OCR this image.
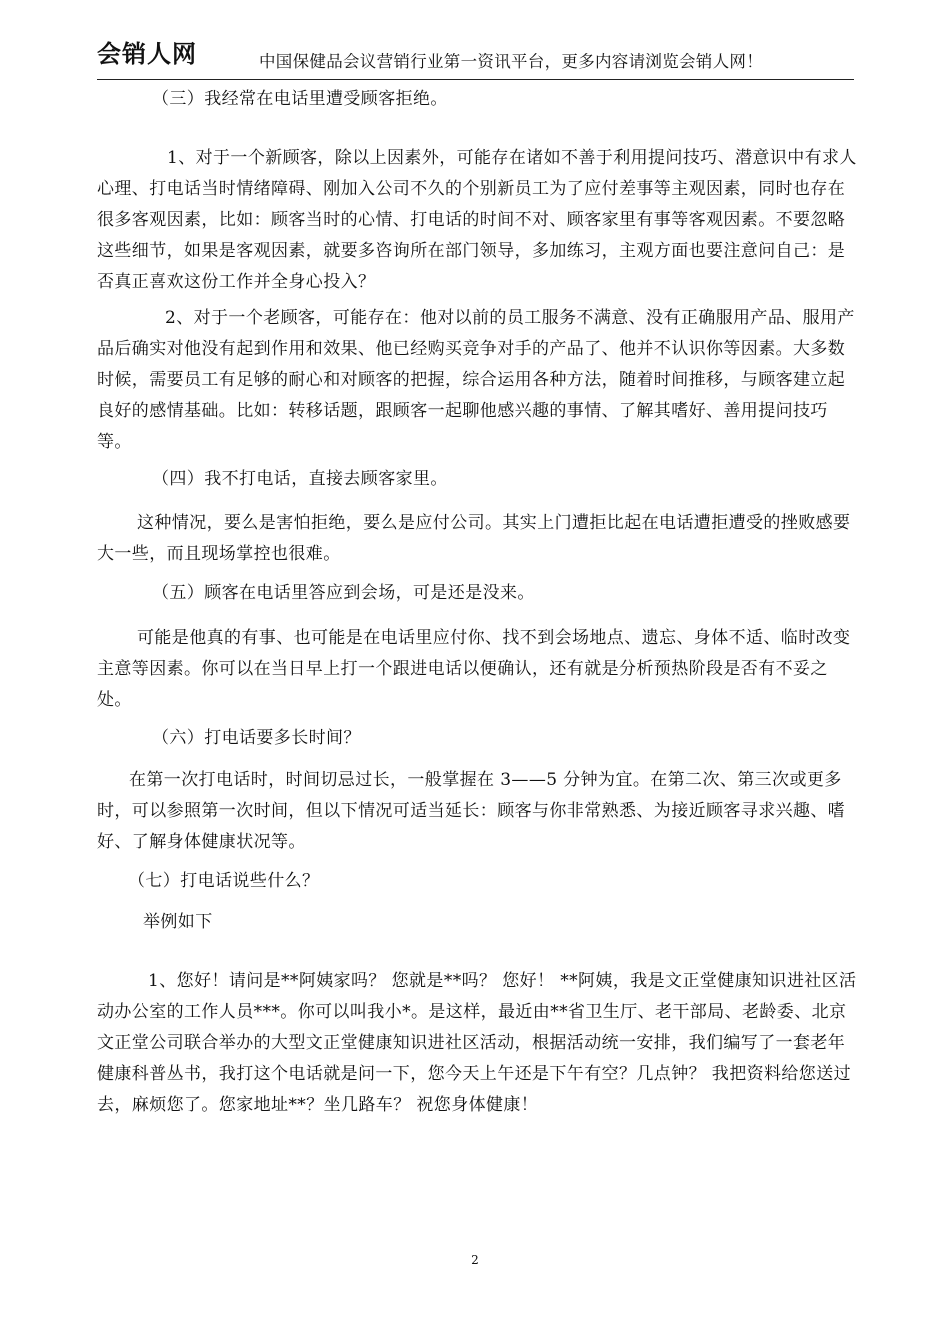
会销人网	中国保健品会议营销行业第一资讯平台，更多内容请浏览会销人网！

（三）我经常在电话里遭受顾客拒绝。

1、对于一个新顾客，除以上因素外，可能存在诸如不善于利用提问技巧、潜意识中有求人心理、打电话当时情绪障碍、刚加入公司不久的个别新员工为了应付差事等主观因素，同时也存在很多客观因素，比如：顾客当时的心情、打电话的时间不对、顾客家里有事等客观因素。不要忽略这些细节，如果是客观因素，就要多咨询所在部门领导，多加练习，主观方面也要注意问自己：是否真正喜欢这份工作并全身心投入？

2、对于一个老顾客，可能存在：他对以前的员工服务不满意、没有正确服用产品、服用产品后确实对他没有起到作用和效果、他已经购买竞争对手的产品了、他并不认识你等因素。大多数时候，需要员工有足够的耐心和对顾客的把握，综合运用各种方法，随着时间推移，与顾客建立起良好的感情基础。比如：转移话题，跟顾客一起聊他感兴趣的事情、了解其嗜好、善用提问技巧等。

（四）我不打电话，直接去顾客家里。

这种情况，要么是害怕拒绝，要么是应付公司。其实上门遭拒比起在电话遭拒遭受的挫败感要大一些，而且现场掌控也很难。

（五）顾客在电话里答应到会场，可是还是没来。

可能是他真的有事、也可能是在电话里应付你、找不到会场地点、遗忘、身体不适、临时改变主意等因素。你可以在当日早上打一个跟进电话以便确认，还有就是分析预热阶段是否有不妥之处。

（六）打电话要多长时间？

在第一次打电话时，时间切忌过长，一般掌握在 3——5 分钟为宜。在第二次、第三次或更多时，可以参照第一次时间，但以下情况可适当延长：顾客与你非常熟悉、为接近顾客寻求兴趣、嗜好、了解身体健康状况等。

（七）打电话说些什么？

举例如下

1、您好！请问是**阿姨家吗？ 您就是**吗？ 您好！ **阿姨，我是文正堂健康知识进社区活动办公室的工作人员***。你可以叫我小*。是这样，最近由**省卫生厅、老干部局、老龄委、北京文正堂公司联合举办的大型文正堂健康知识进社区活动，根据活动统一安排，我们编写了一套老年健康科普丛书，我打这个电话就是问一下，您今天上午还是下午有空？几点钟？ 我把资料给您送过去，麻烦您了。您家地址**？坐几路车？ 祝您身体健康！

2
